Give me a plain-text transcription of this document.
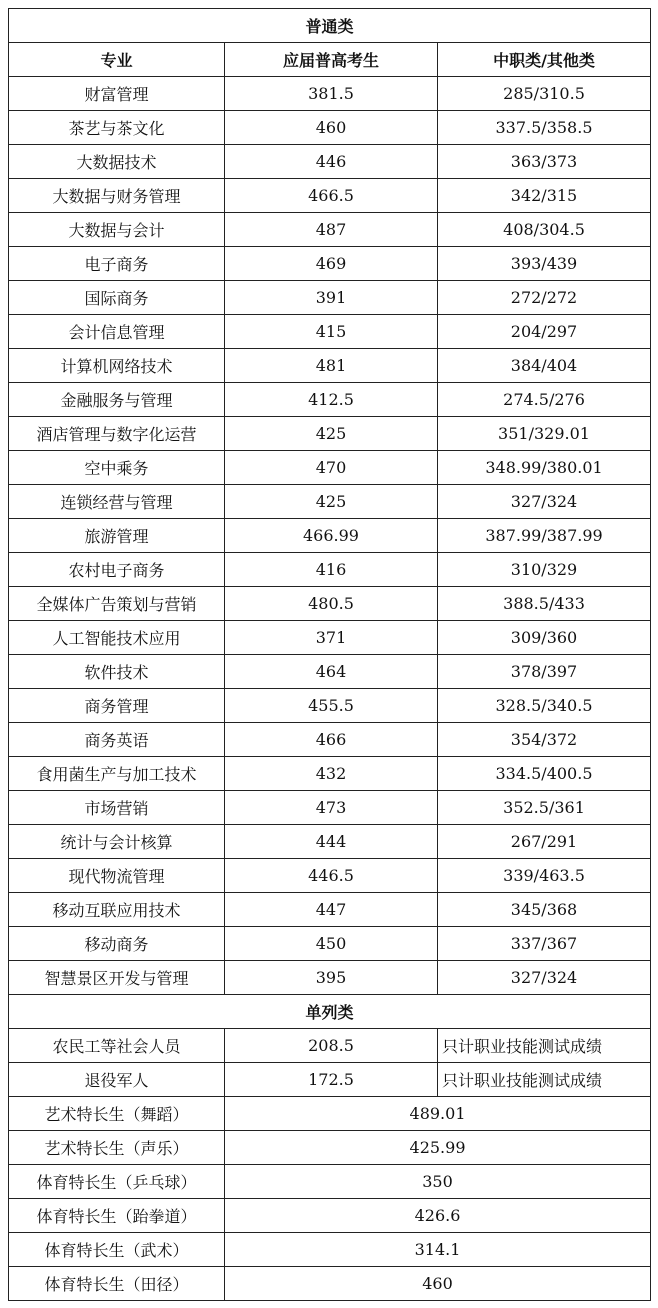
普通类		
专业	应届普高考生	中职类/其他类
财富管理	381.5	285/310.5
茶艺与茶文化	460	337.5/358.5
大数据技术	446	363/373
大数据与财务管理	466.5	342/315
大数据与会计	487	408/304.5
电子商务	469	393/439
国际商务	391	272/272
会计信息管理	415	204/297
计算机网络技术	481	384/404
金融服务与管理	412.5	274.5/276
酒店管理与数字化运营	425	351/329.01
空中乘务	470	348.99/380.01
连锁经营与管理	425	327/324
旅游管理	466.99	387.99/387.99
农村电子商务	416	310/329
全媒体广告策划与营销	480.5	388.5/433
人工智能技术应用	371	309/360
软件技术	464	378/397
商务管理	455.5	328.5/340.5
商务英语	466	354/372
食用菌生产与加工技术	432	334.5/400.5
市场营销	473	352.5/361
统计与会计核算	444	267/291
现代物流管理	446.5	339/463.5
移动互联应用技术	447	345/368
移动商务	450	337/367
智慧景区开发与管理	395	327/324
单列类		
农民工等社会人员	208.5	只计职业技能测试成绩
退役军人	172.5	只计职业技能测试成绩
艺术特长生（舞蹈）	489.01	
艺术特长生（声乐）	425.99	
体育特长生（乒乓球）	350	
体育特长生（跆拳道）	426.6	
体育特长生（武术）	314.1	
体育特长生（田径）	460	
